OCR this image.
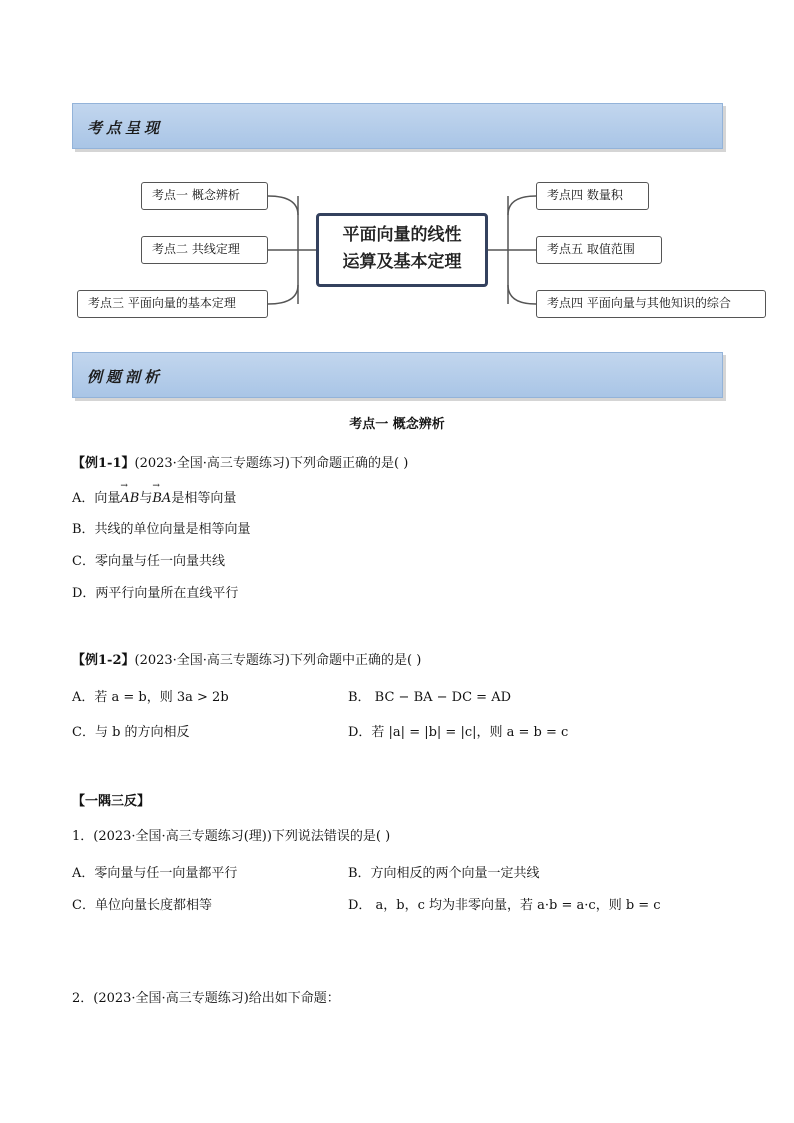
考点呈现
考点一 概念辨析
考点二 共线定理
考点三 平面向量的基本定理
平面向量的线性
运算及基本定理
考点四 数量积
考点五 取值范围
考点四 平面向量与其他知识的综合
例题剖析
考点一 概念辨析
【例1-1】(2023·全国·高三专题练习)下列命题正确的是( )
A．向量→ AB与→ BA是相等向量
B．共线的单位向量是相等向量
C．零向量与任一向量共线
D．两平行向量所在直线平行
【例1-2】(2023·全国·高三专题练习)下列命题中正确的是( )
A．若 a = b，则 3a > 2b	B． BC − BA − DC = AD
C．与 b 的方向相反	D．若 |a| = |b| = |c|，则 a = b = c
【一隅三反】
1．(2023·全国·高三专题练习(理))下列说法错误的是( )
A．零向量与任一向量都平行	B．方向相反的两个向量一定共线
C．单位向量长度都相等	D． a，b，c 均为非零向量，若 a·b = a·c，则 b = c
2．(2023·全国·高三专题练习)给出如下命题：
